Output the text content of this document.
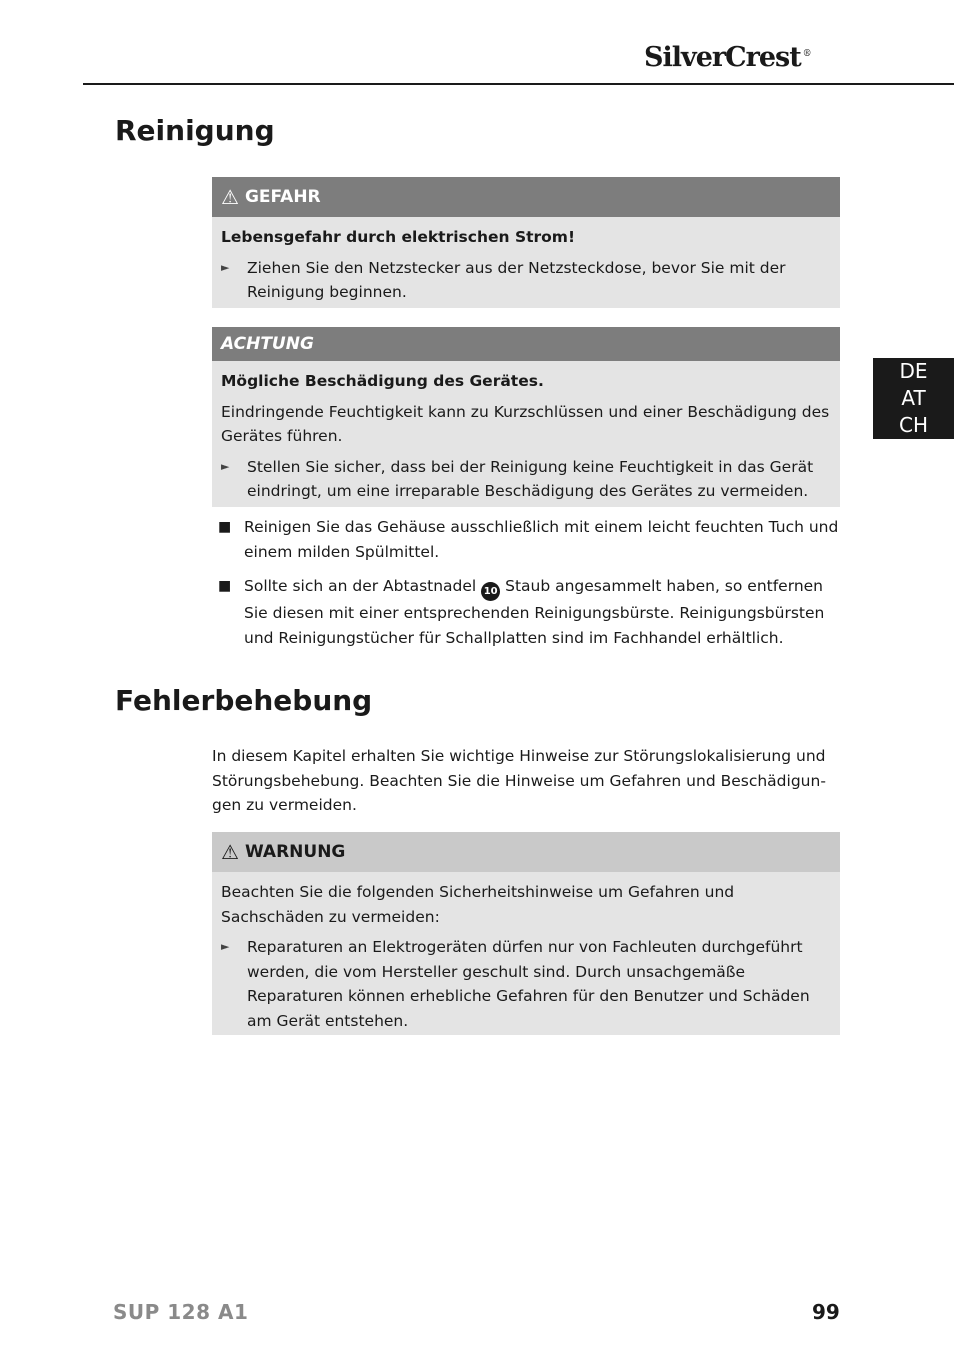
SilverCrest ®
DE
AT
CH
Reinigung
⚠ GEFAHR

Lebensgefahr durch elektrischen Strom!

►	Ziehen Sie den Netzstecker aus der Netzsteckdose, bevor Sie mit der Reinigung beginnen.
ACHTUNG

Mögliche Beschädigung des Gerätes.

Eindringende Feuchtigkeit kann zu Kurzschlüssen und einer Beschädigung des Gerätes führen.

►	Stellen Sie sicher, dass bei der Reinigung keine Feuchtigkeit in das Gerät eindringt, um eine irreparable Beschädigung des Gerätes zu vermeiden.
■ Reinigen Sie das Gehäuse ausschließlich mit einem leicht feuchten Tuch und einem milden Spülmittel.
■ Sollte sich an der Abtastnadel 10 Staub angesammelt haben, so entfernen Sie diesen mit einer entsprechenden Reinigungsbürste. Reinigungsbürsten und Reinigungstücher für Schallplatten sind im Fachhandel erhältlich.
Fehlerbehebung

In diesem Kapitel erhalten Sie wichtige Hinweise zur Störungslokalisierung und Störungsbehebung. Beachten Sie die Hinweise um Gefahren und Beschädigun-gen zu vermeiden.

⚠ WARNUNG

Beachten Sie die folgenden Sicherheitshinweise um Gefahren und Sachschäden zu vermeiden:

►	Reparaturen an Elektrogeräten dürfen nur von Fachleuten durchgeführt werden, die vom Hersteller geschult sind. Durch unsachgemäße Reparaturen können erhebliche Gefahren für den Benutzer und Schäden am Gerät entstehen.
SUP 128 A1	99
